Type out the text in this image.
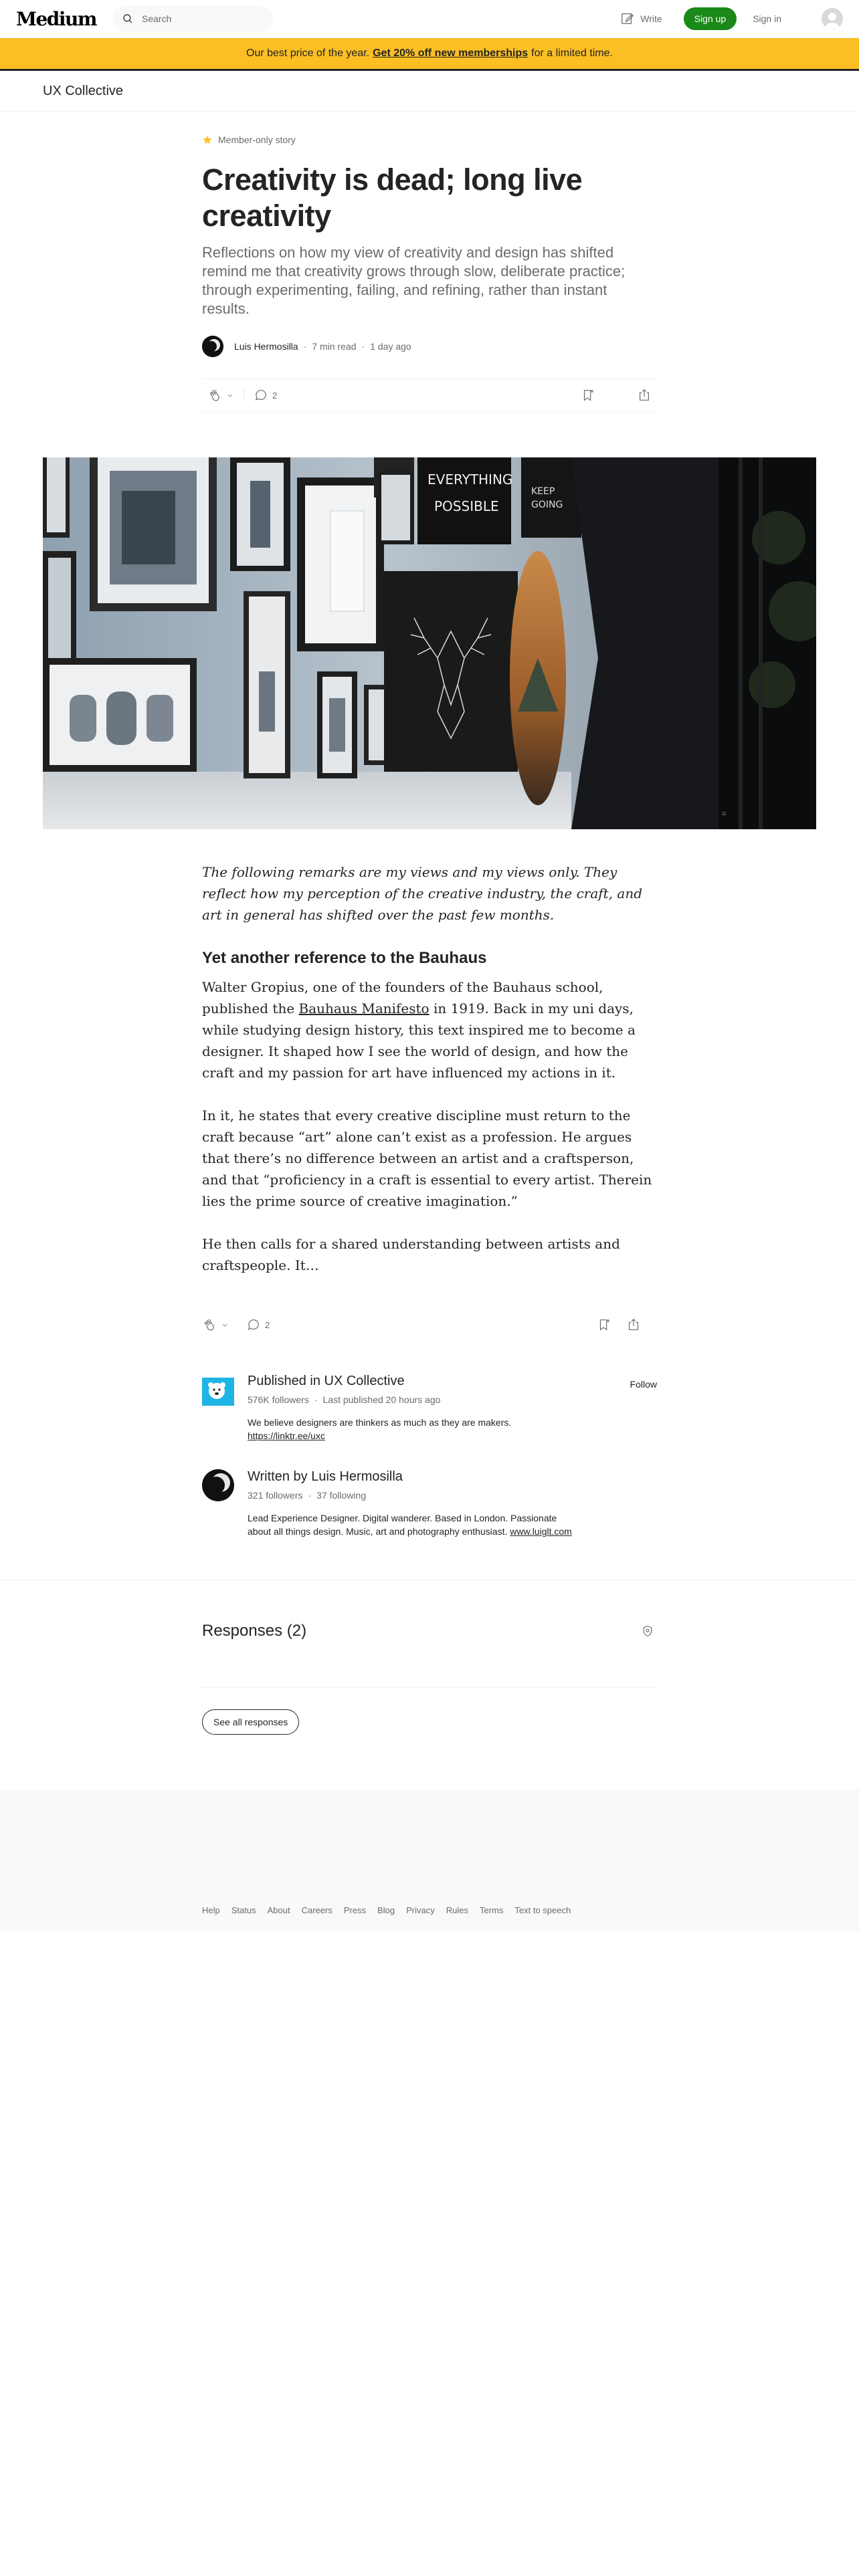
Medium	Search	Write	Sign up	Sign in
Our best price of the year. Get 20% off new memberships for a limited time.
UX Collective
Member-only story
Creativity is dead; long live creativity
Reflections on how my view of creativity and design has shifted remind me that creativity grows through slow, deliberate practice; through experimenting, failing, and refining, rather than instant results.
Luis Hermosilla · 7 min read · 1 day ago
2
EVERYTHING
POSSIBLE
KEEP
GOING
⌂

The following remarks are my views and my views only. They reflect how my perception of the creative industry, the craft, and art in general has shifted over the past few months.

Yet another reference to the Bauhaus

Walter Gropius, one of the founders of the Bauhaus school, published the Bauhaus Manifesto in 1919. Back in my uni days, while studying design history, this text inspired me to become a designer. It shaped how I see the world of design, and how the craft and my passion for art have influenced my actions in it.

In it, he states that every creative discipline must return to the craft because “art” alone can’t exist as a profession. He argues that there’s no difference between an artist and a craftsperson, and that “proficiency in a craft is essential to every artist. Therein lies the prime source of creative imagination.”

He then calls for a shared understanding between artists and craftspeople. It…

2
Published in UX Collective
576K followers · Last published 20 hours ago
Follow
We believe designers are thinkers as much as they are makers.
https://linktr.ee/uxc
Written by Luis Hermosilla
321 followers · 37 following
Lead Experience Designer. Digital wanderer. Based in London. Passionate about all things design. Music, art and photography enthusiast. www.luiglt.com
Responses (2)
See all responses
Help Status About Careers Press Blog Privacy Rules Terms Text to speech
